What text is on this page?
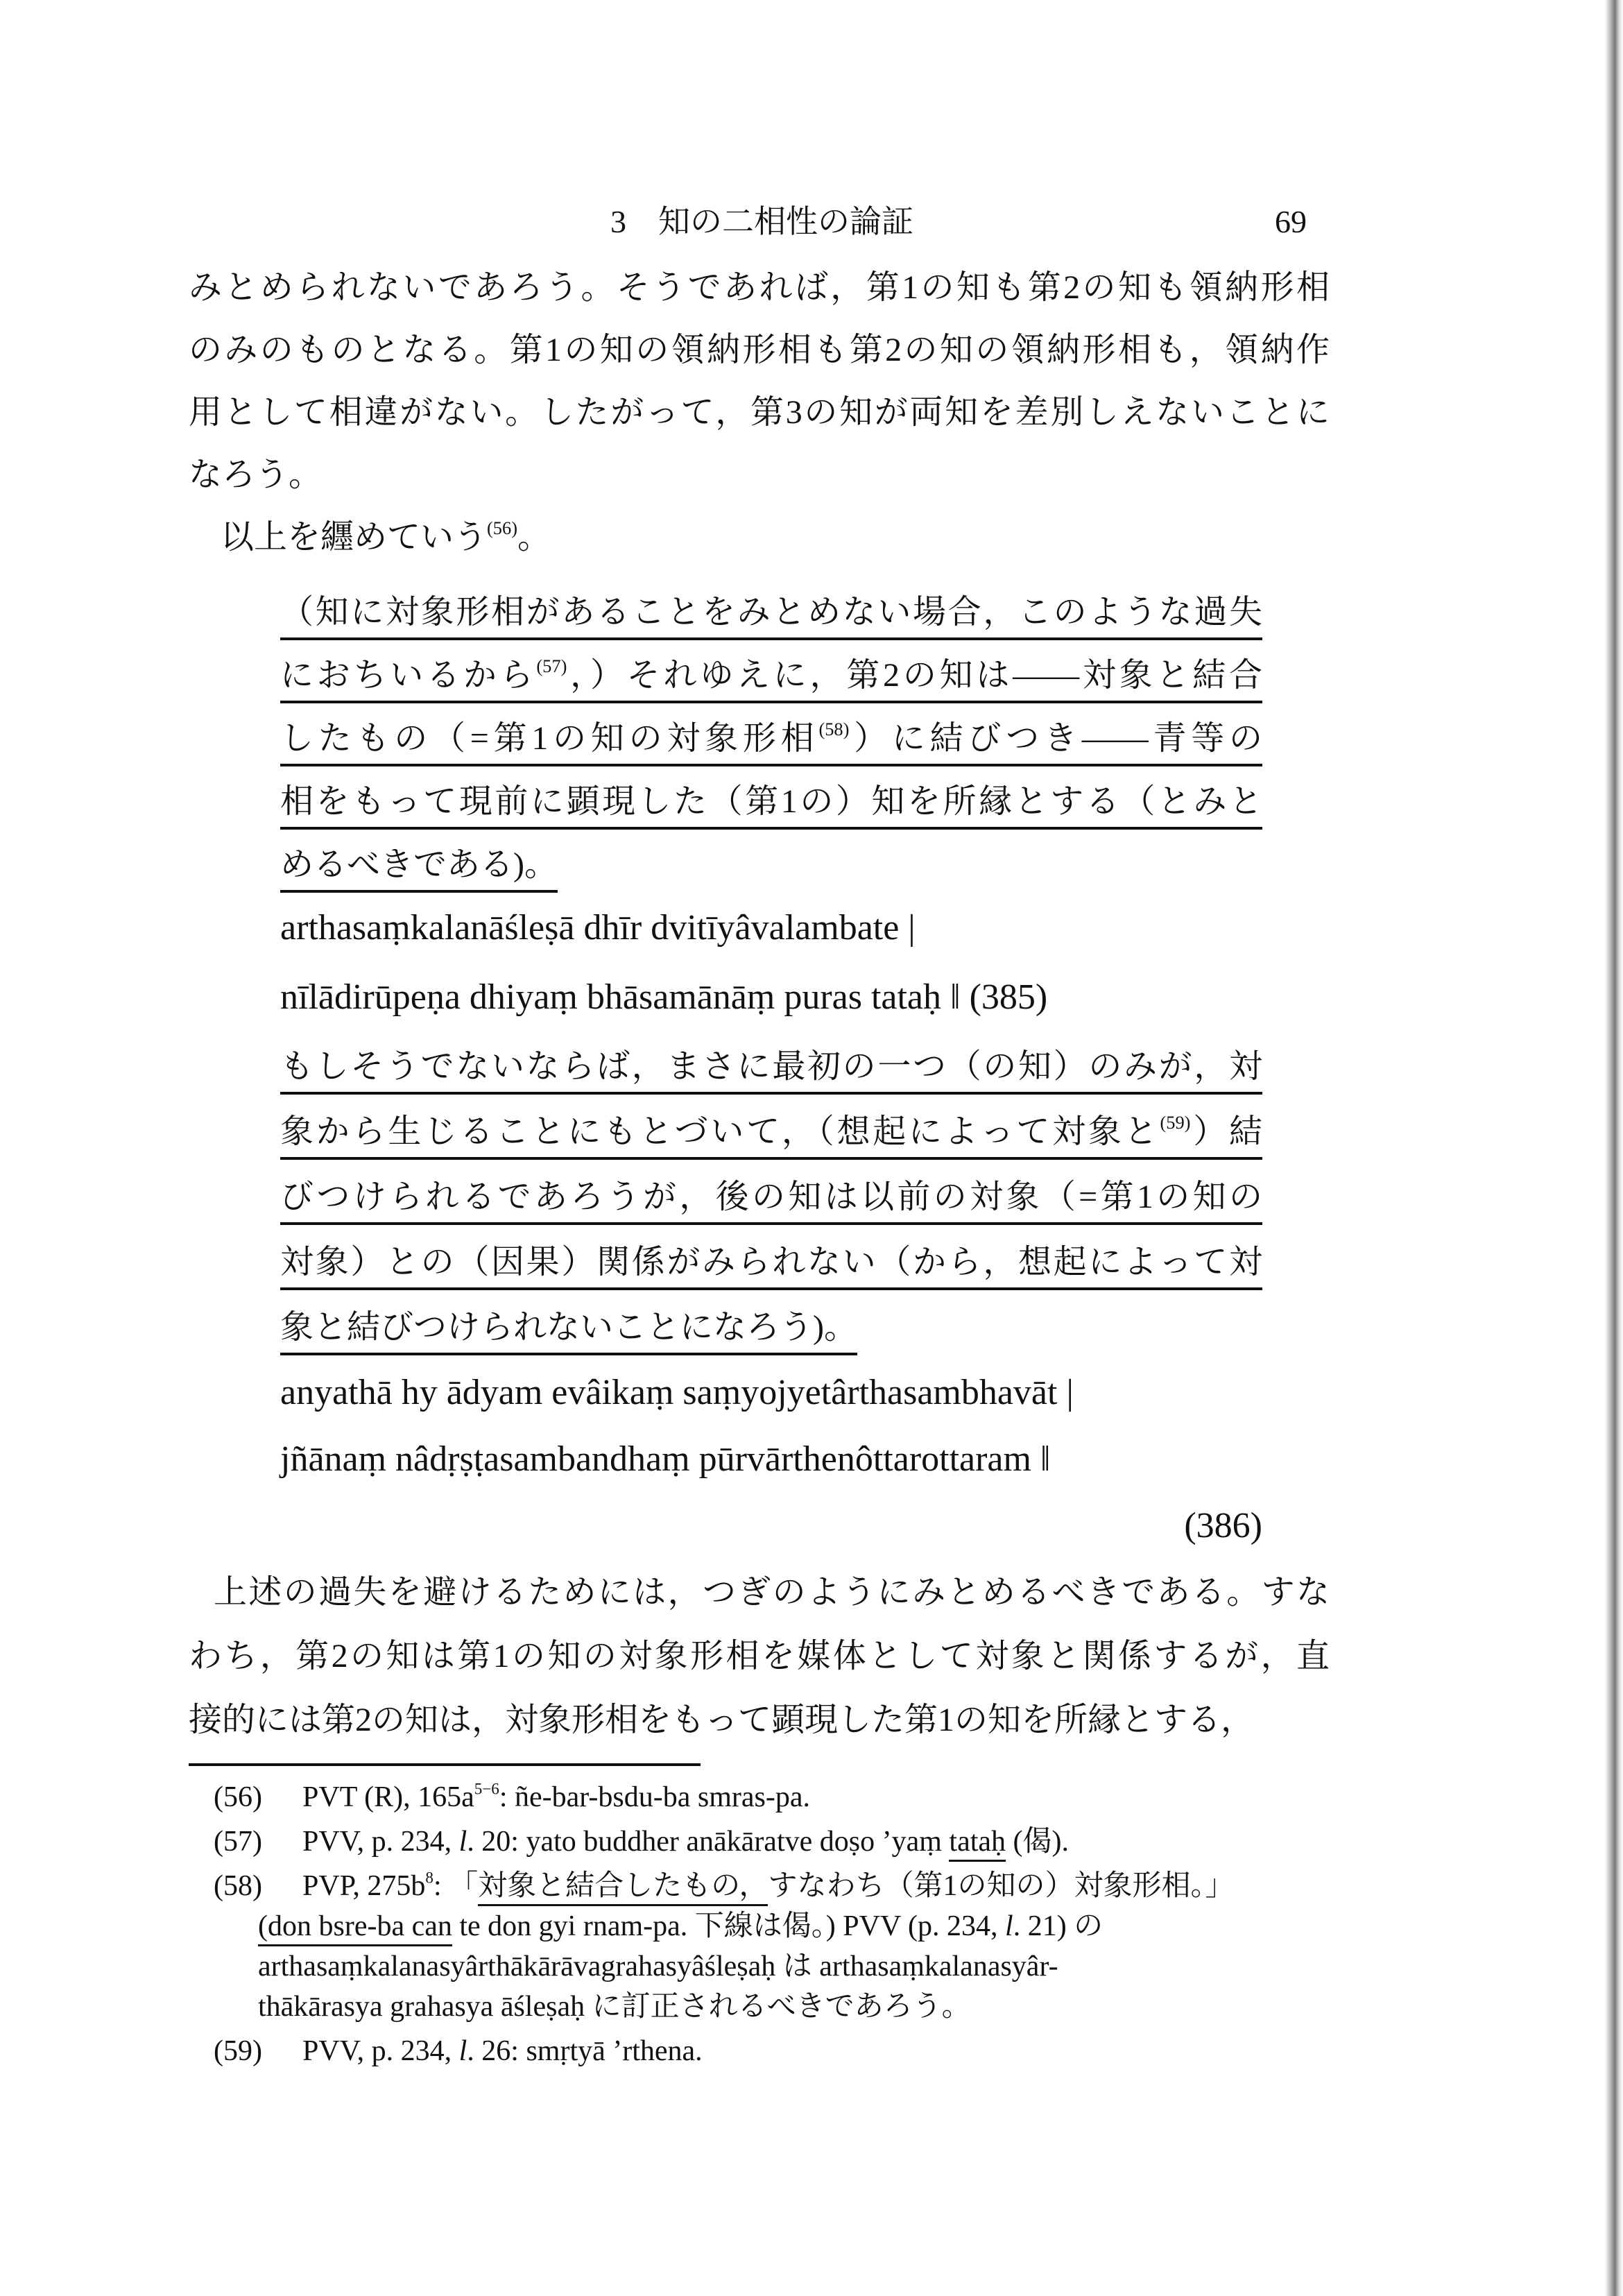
3　知の二相性の論証	69
みとめられないであろう。そうであれば，第1の知も第2の知も領納形相
のみのものとなる。第1の知の領納形相も第2の知の領納形相も，領納作
用として相違がない。したがって，第3の知が両知を差別しえないことに
なろう。
以上を纒めていう$^{(56)}$。
（知に対象形相があることをみとめない場合，このような過失
におちいるから$^{(57)}$，）それゆえに，第2の知は――対象と結合
したもの（=第1の知の対象形相$^{(58)}$）に結びつき――青等の
相をもって現前に顕現した（第1の）知を所縁とする（とみと
めるべきである)。
arthasaṃkalanāśleṣā dhīr dvitīyâvalambate |
nīlādirūpeṇa dhiyaṃ bhāsamānāṃ puras tataḥ ‖ (385)
もしそうでないならば，まさに最初の一つ（の知）のみが，対
象から生じることにもとづいて，（想起によって対象と$^{(59)}$）結
びつけられるであろうが，後の知は以前の対象（=第1の知の
対象）との（因果）関係がみられない（から，想起によって対
象と結びつけられないことになろう)。
anyathā hy ādyam evâikaṃ saṃyojyetârthasambhavāt |
jñānaṃ nâdṛṣṭasambandhaṃ pūrvārthenôttarottaram ‖
(386)
上述の過失を避けるためには，つぎのようにみとめるべきである。すな
わち，第2の知は第1の知の対象形相を媒体として対象と関係するが，直
接的には第2の知は，対象形相をもって顕現した第1の知を所縁とする，
(56) PVT (R), $165a^{5-6}$: ñe-bar-bsdu-ba smras-pa.
(57) PVV, p. 234, l. 20: yato buddher anākāratve doṣo ’yaṃ tataḥ (偈).
(58) PVP, $275b^8$: 「対象と結合したもの，すなわち（第1の知の）対象形相。」
(don bsre-ba can te don gyi rnam-pa. 下線は偈。) PVV (p. 234, l. 21) の
arthasaṃkalanasyârthākārāvagrahasyâśleṣaḥ は arthasaṃkalanasyâr-
thākārasya grahasya āśleṣaḥ に訂正されるべきであろう。
(59) PVV, p. 234, l. 26: smṛtyā ’rthena.
